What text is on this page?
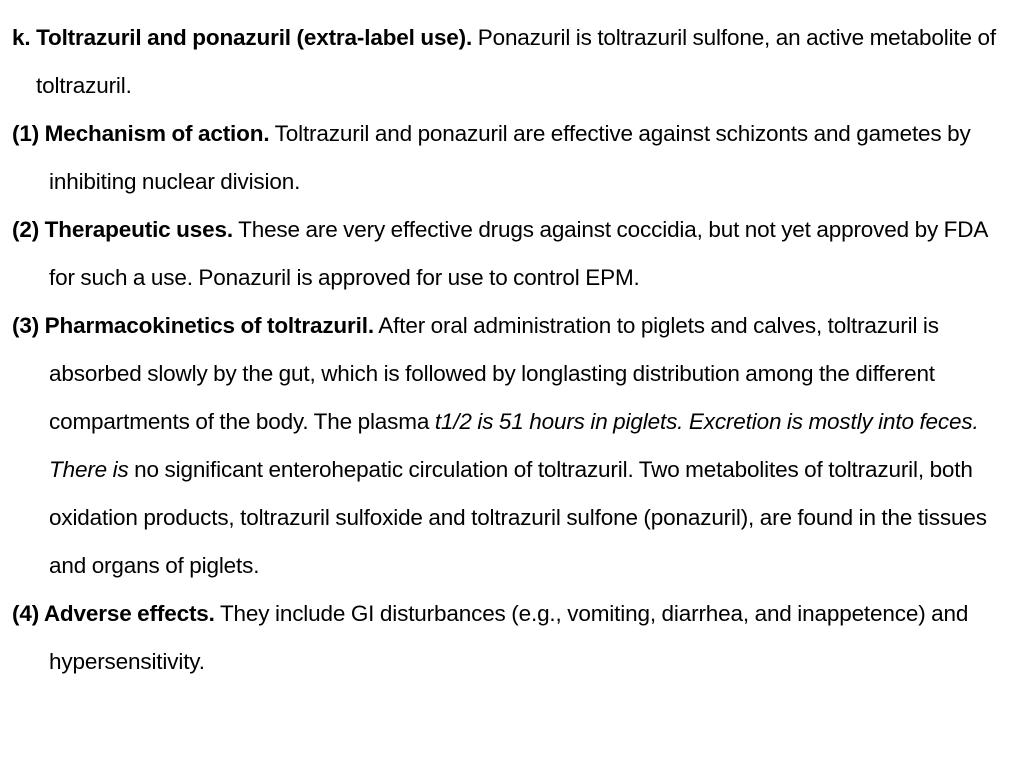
k. Toltrazuril and ponazuril (extra-label use). Ponazuril is toltrazuril sulfone, an active metabolite of toltrazuril.

(1) Mechanism of action. Toltrazuril and ponazuril are effective against schizonts and gametes by inhibiting nuclear division.

(2) Therapeutic uses. These are very effective drugs against coccidia, but not yet approved by FDA for such a use. Ponazuril is approved for use to control EPM.

(3) Pharmacokinetics of toltrazuril. After oral administration to piglets and calves, toltrazuril is absorbed slowly by the gut, which is followed by longlasting distribution among the different compartments of the body. The plasma t1/2 is 51 hours in piglets. Excretion is mostly into feces. There is no significant enterohepatic circulation of toltrazuril. Two metabolites of toltrazuril, both oxidation products, toltrazuril sulfoxide and toltrazuril sulfone (ponazuril), are found in the tissues and organs of piglets.

(4) Adverse effects. They include GI disturbances (e.g., vomiting, diarrhea, and inappetence) and hypersensitivity.
